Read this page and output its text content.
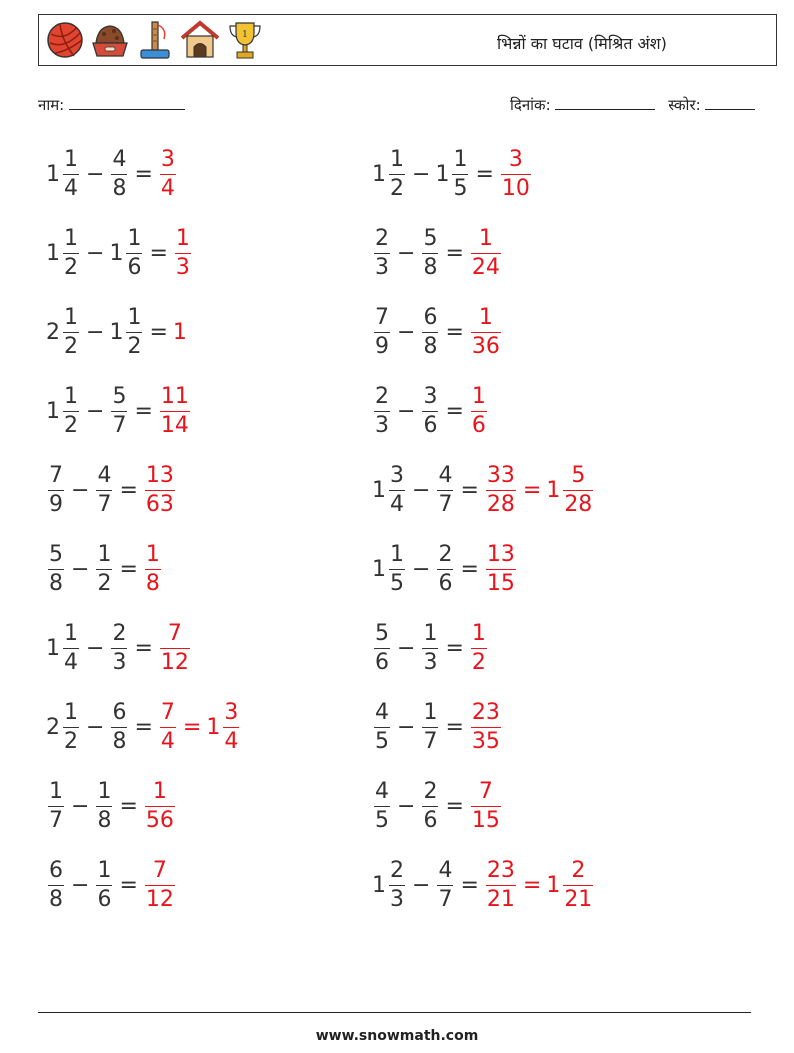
1	भिन्नों का घटाव (मिश्रित अंश)
नाम:	दिनांक:	स्कोर:
$1 \frac{1}{4} - \frac{4}{8} = \frac{3}{4}$
$1 \frac{1}{2} - 1 \frac{1}{6} = \frac{1}{3}$
$2 \frac{1}{2} - 1 \frac{1}{2} = 1$
$1 \frac{1}{2} - \frac{5}{7} = \frac{11}{14}$
$\frac{7}{9} - \frac{4}{7} = \frac{13}{63}$
$\frac{5}{8} - \frac{1}{2} = \frac{1}{8}$
$1 \frac{1}{4} - \frac{2}{3} = \frac{7}{12}$
$2 \frac{1}{2} - \frac{6}{8} = \frac{7}{4} = 1 \frac{3}{4}$
$\frac{1}{7} - \frac{1}{8} = \frac{1}{56}$
$\frac{6}{8} - \frac{1}{6} = \frac{7}{12}$
$1 \frac{1}{2} - 1 \frac{1}{5} = \frac{3}{10}$
$\frac{2}{3} - \frac{5}{8} = \frac{1}{24}$
$\frac{7}{9} - \frac{6}{8} = \frac{1}{36}$
$\frac{2}{3} - \frac{3}{6} = \frac{1}{6}$
$1 \frac{3}{4} - \frac{4}{7} = \frac{33}{28} = 1 \frac{5}{28}$
$1 \frac{1}{5} - \frac{2}{6} = \frac{13}{15}$
$\frac{5}{6} - \frac{1}{3} = \frac{1}{2}$
$\frac{4}{5} - \frac{1}{7} = \frac{23}{35}$
$\frac{4}{5} - \frac{2}{6} = \frac{7}{15}$
$1 \frac{2}{3} - \frac{4}{7} = \frac{23}{21} = 1 \frac{2}{21}$
www.snowmath.com
